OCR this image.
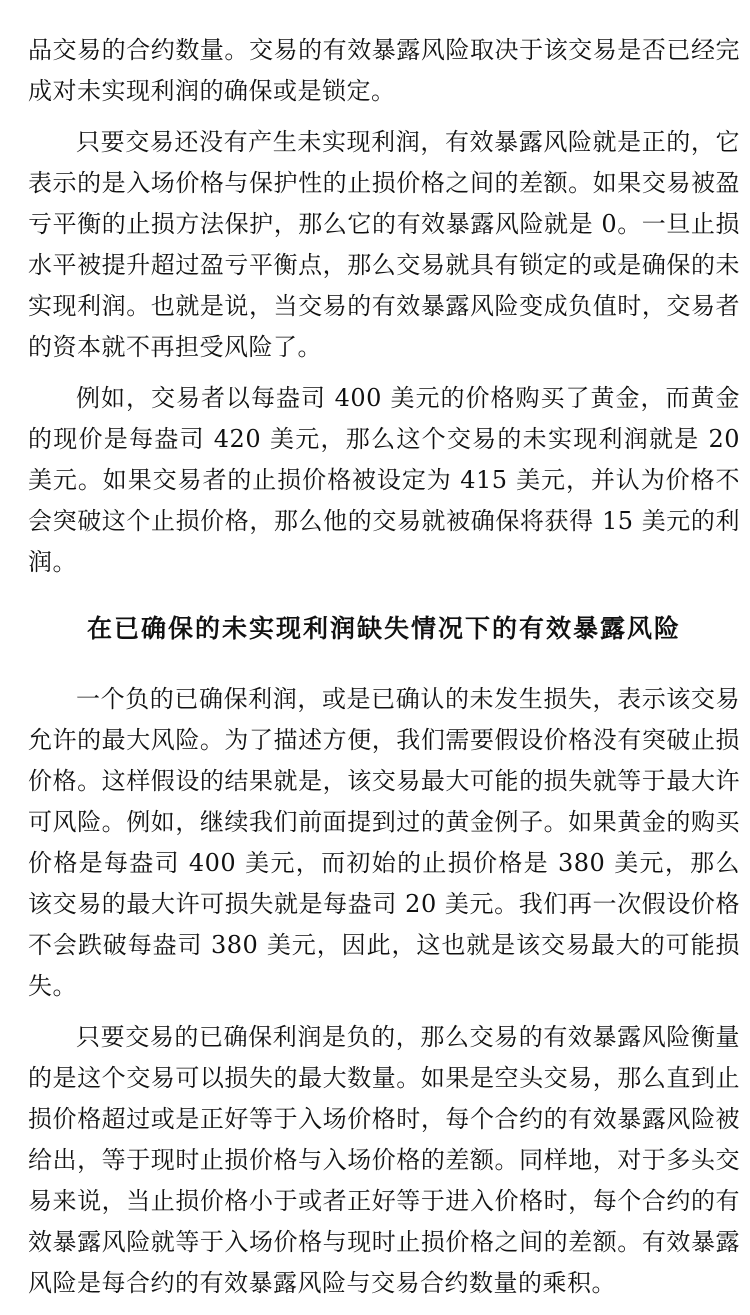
品交易的合约数量。交易的有效暴露风险取决于该交易是否已经完成对未实现利润的确保或是锁定。

只要交易还没有产生未实现利润，有效暴露风险就是正的，它表示的是入场价格与保护性的止损价格之间的差额。如果交易被盈亏平衡的止损方法保护，那么它的有效暴露风险就是 0。一旦止损水平被提升超过盈亏平衡点，那么交易就具有锁定的或是确保的未实现利润。也就是说，当交易的有效暴露风险变成负值时，交易者的资本就不再担受风险了。

例如，交易者以每盎司 400 美元的价格购买了黄金，而黄金的现价是每盎司 420 美元，那么这个交易的未实现利润就是 20 美元。如果交易者的止损价格被设定为 415 美元，并认为价格不会突破这个止损价格，那么他的交易就被确保将获得 15 美元的利润。

在已确保的未实现利润缺失情况下的有效暴露风险

一个负的已确保利润，或是已确认的未发生损失，表示该交易允许的最大风险。为了描述方便，我们需要假设价格没有突破止损价格。这样假设的结果就是，该交易最大可能的损失就等于最大许可风险。例如，继续我们前面提到过的黄金例子。如果黄金的购买价格是每盎司 400 美元，而初始的止损价格是 380 美元，那么该交易的最大许可损失就是每盎司 20 美元。我们再一次假设价格不会跌破每盎司 380 美元，因此，这也就是该交易最大的可能损失。

只要交易的已确保利润是负的，那么交易的有效暴露风险衡量的是这个交易可以损失的最大数量。如果是空头交易，那么直到止损价格超过或是正好等于入场价格时，每个合约的有效暴露风险被给出，等于现时止损价格与入场价格的差额。同样地，对于多头交易来说，当止损价格小于或者正好等于进入价格时，每个合约的有效暴露风险就等于入场价格与现时止损价格之间的差额。有效暴露风险是每合约的有效暴露风险与交易合约数量的乘积。
